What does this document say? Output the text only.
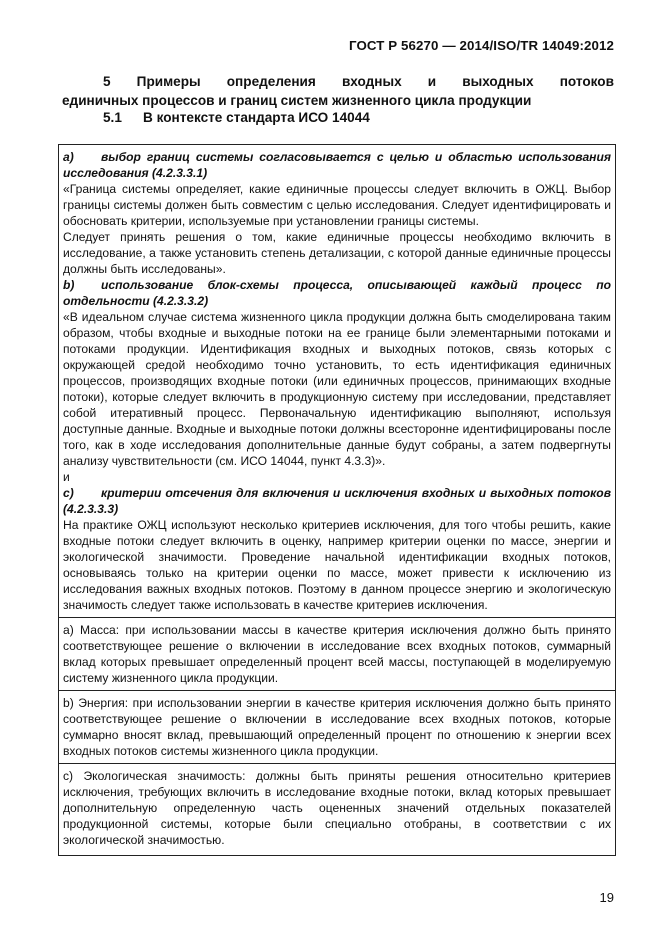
ГОСТ Р 56270 — 2014/ISO/TR 14049:2012
5 Примеры определения входных и выходных потоков
единичных процессов и границ систем жизненного цикла продукции
5.1 В контексте стандарта ИСО 14044

а) выбор границ системы согласовывается с целью и областью использования исследования (4.2.3.3.1)

«Граница системы определяет, какие единичные процессы следует включить в ОЖЦ. Выбор границы системы должен быть совместим с целью исследования. Следует идентифицировать и обосновать критерии, используемые при установлении границы системы.

Следует принять решения о том, какие единичные процессы необходимо включить в исследование, а также установить степень детализации, с которой данные единичные процессы должны быть исследованы».

b) использование блок-схемы процесса, описывающей каждый процесс по отдельности (4.2.3.3.2)

«В идеальном случае система жизненного цикла продукции должна быть смоделирована таким образом, чтобы входные и выходные потоки на ее границе были элементарными потоками и потоками продукции. Идентификация входных и выходных потоков, связь которых с окружающей средой необходимо точно установить, то есть идентификация единичных процессов, производящих входные потоки (или единичных процессов, принимающих входные потоки), которые следует включить в продукционную систему при исследовании, представляет собой итеративный процесс. Первоначальную идентификацию выполняют, используя доступные данные. Входные и выходные потоки должны всесторонне идентифицированы после того, как в ходе исследования дополнительные данные будут собраны, а затем подвергнуты анализу чувствительности (см. ИСО 14044, пункт 4.3.3)».

и

с) критерии отсечения для включения и исключения входных и выходных потоков (4.2.3.3.3)

На практике ОЖЦ используют несколько критериев исключения, для того чтобы решить, какие входные потоки следует включить в оценку, например критерии оценки по массе, энергии и экологической значимости. Проведение начальной идентификации входных потоков, основываясь только на критерии оценки по массе, может привести к исключению из исследования важных входных потоков. Поэтому в данном процессе энергию и экологическую значимость следует также использовать в качестве критериев исключения.

а) Масса: при использовании массы в качестве критерия исключения должно быть принято соответствующее решение о включении в исследование всех входных потоков, суммарный вклад которых превышает определенный процент всей массы, поступающей в моделируемую систему жизненного цикла продукции.

b) Энергия: при использовании энергии в качестве критерия исключения должно быть принято соответствующее решение о включении в исследование всех входных потоков, которые суммарно вносят вклад, превышающий определенный процент по отношению к энергии всех входных потоков системы жизненного цикла продукции.

с) Экологическая значимость: должны быть приняты решения относительно критериев исключения, требующих включить в исследование входные потоки, вклад которых превышает дополнительную определенную часть оцененных значений отдельных показателей продукционной системы, которые были специально отобраны, в соответствии с их экологической значимостью.

19
